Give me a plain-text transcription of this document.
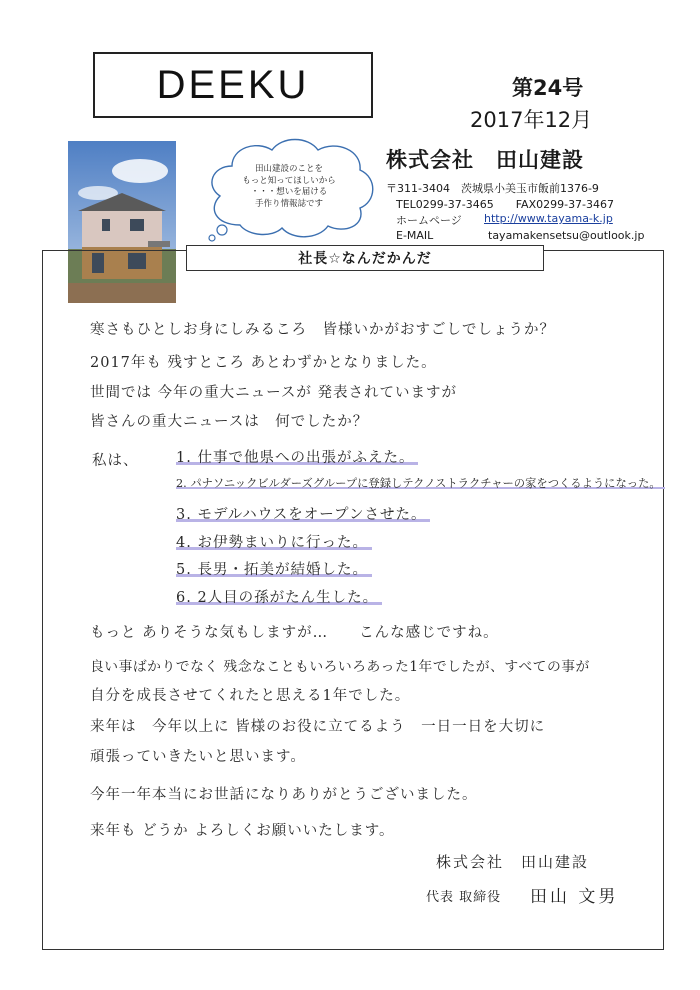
DEEKU	第24号
2017年12月
田山建設のことを
もっと知ってほしいから
・・・想いを届ける
手作り情報誌です
株式会社　田山建設
〒311-3404　茨城県小美玉市飯前1376-9
TEL0299-37-3465　　FAX0299-37-3467
ホームページ http://www.tayama-k.jp
E-MAIL	tayamakensetsu@outlook.jp
社長☆なんだかんだ
寒さもひとしお身にしみるころ　皆様いかがおすごしでしょうか？
2017年も 残すところ あとわずかとなりました。
世間では 今年の重大ニュースが 発表されていますが
皆さんの重大ニュースは　何でしたか？
私は、	1. 仕事で他県への出張がふえた。
2. パナソニックビルダーズグループに登録しテクノストラクチャーの家をつくるようになった。
3. モデルハウスをオープンさせた。
4. お伊勢まいりに行った。
5. 長男・拓美が結婚した。
6. 2人目の孫がたん生した。
もっと ありそうな気もしますが…　　こんな感じですね。
良い事ばかりでなく 残念なこともいろいろあった1年でしたが、すべての事が
自分を成長させてくれたと思える1年でした。
来年は　今年以上に 皆様のお役に立てるよう　一日一日を大切に
頑張っていきたいと思います。
今年一年本当にお世話になりありがとうございました。
来年も どうか よろしくお願いいたします。
株式会社　田山建設
代表 取締役 田山 文男
